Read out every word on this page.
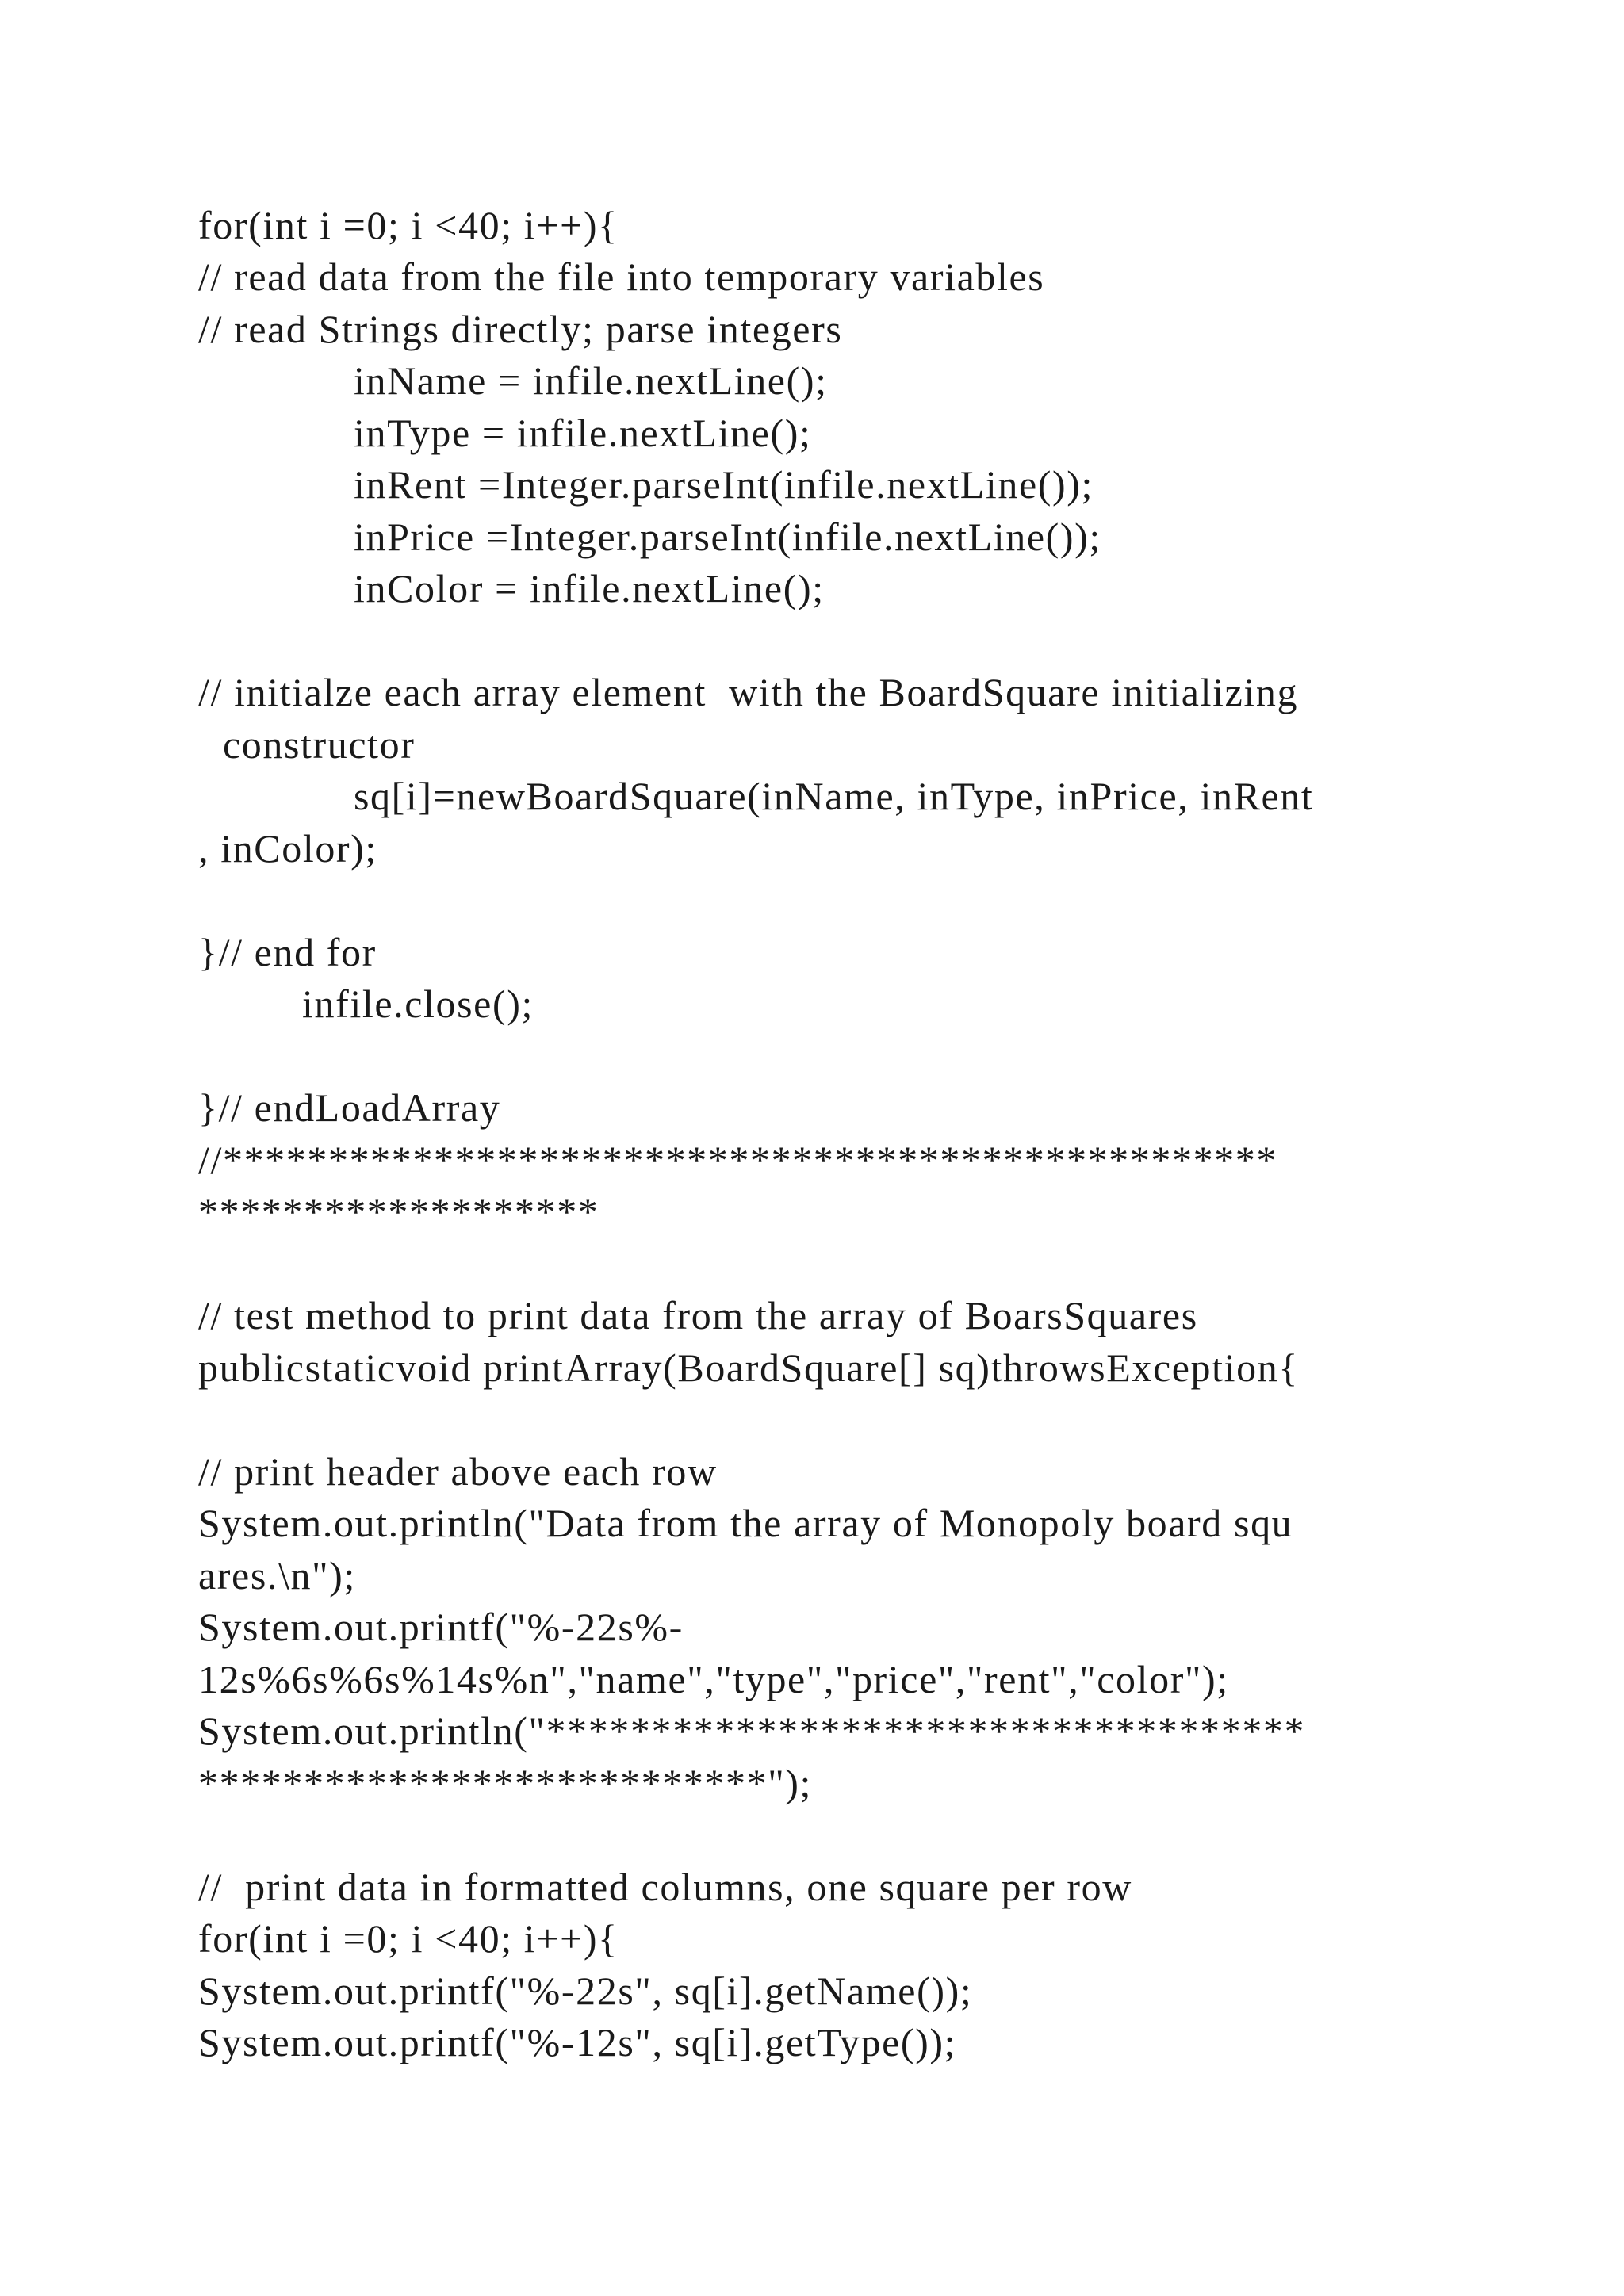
for(int i =0; i <40; i++){
// read data from the file into temporary variables
// read Strings directly; parse integers
inName = infile.nextLine();
inType = infile.nextLine();
inRent =Integer.parseInt(infile.nextLine());
inPrice =Integer.parseInt(infile.nextLine());
inColor = infile.nextLine();
// initialze each array element  with the BoardSquare initializing
constructor
sq[i]=newBoardSquare(inName, inType, inPrice, inRent
, inColor);
}// end for
infile.close();
}// endLoadArray
//**************************************************
*******************
// test method to print data from the array of BoarsSquares
publicstaticvoid printArray(BoardSquare[] sq)throwsException{
// print header above each row
System.out.println("Data from the array of Monopoly board squ
ares.\n");
System.out.printf("%-22s%-
12s%6s%6s%14s%n","name","type","price","rent","color");
System.out.println("************************************
***************************");
//  print data in formatted columns, one square per row
for(int i =0; i <40; i++){
System.out.printf("%-22s", sq[i].getName());
System.out.printf("%-12s", sq[i].getType());
